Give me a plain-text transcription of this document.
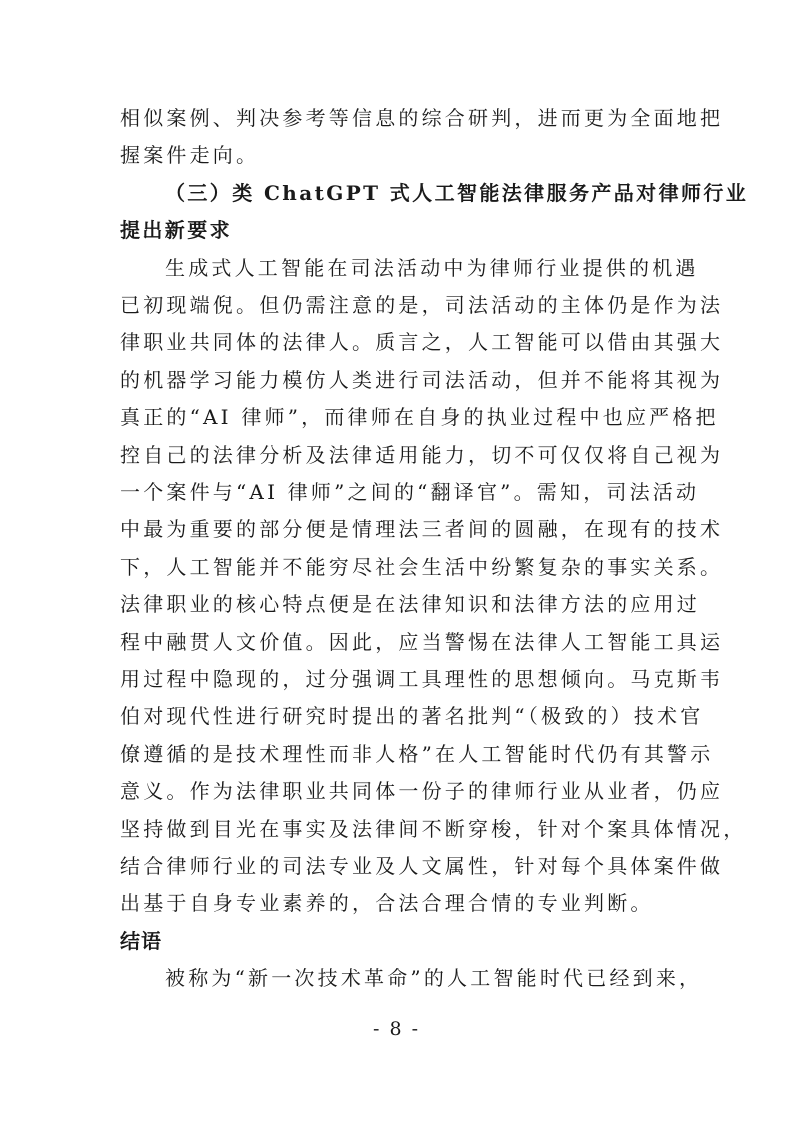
相似案例、判决参考等信息的综合研判，进而更为全面地把
握案件走向。
（三）类 ChatGPT 式人工智能法律服务产品对律师行业
提出新要求
生成式人工智能在司法活动中为律师行业提供的机遇
已初现端倪。但仍需注意的是，司法活动的主体仍是作为法
律职业共同体的法律人。质言之，人工智能可以借由其强大
的机器学习能力模仿人类进行司法活动，但并不能将其视为
真正的“AI 律师”，而律师在自身的执业过程中也应严格把
控自己的法律分析及法律适用能力，切不可仅仅将自己视为
一个案件与“AI 律师”之间的“翻译官”。需知，司法活动
中最为重要的部分便是情理法三者间的圆融，在现有的技术
下，人工智能并不能穷尽社会生活中纷繁复杂的事实关系。
法律职业的核心特点便是在法律知识和法律方法的应用过
程中融贯人文价值。因此，应当警惕在法律人工智能工具运
用过程中隐现的，过分强调工具理性的思想倾向。马克斯韦
伯对现代性进行研究时提出的著名批判“（极致的）技术官
僚遵循的是技术理性而非人格”在人工智能时代仍有其警示
意义。作为法律职业共同体一份子的律师行业从业者，仍应
坚持做到目光在事实及法律间不断穿梭，针对个案具体情况，
结合律师行业的司法专业及人文属性，针对每个具体案件做
出基于自身专业素养的，合法合理合情的专业判断。
结语
被称为“新一次技术革命”的人工智能时代已经到来，
- 8 -
